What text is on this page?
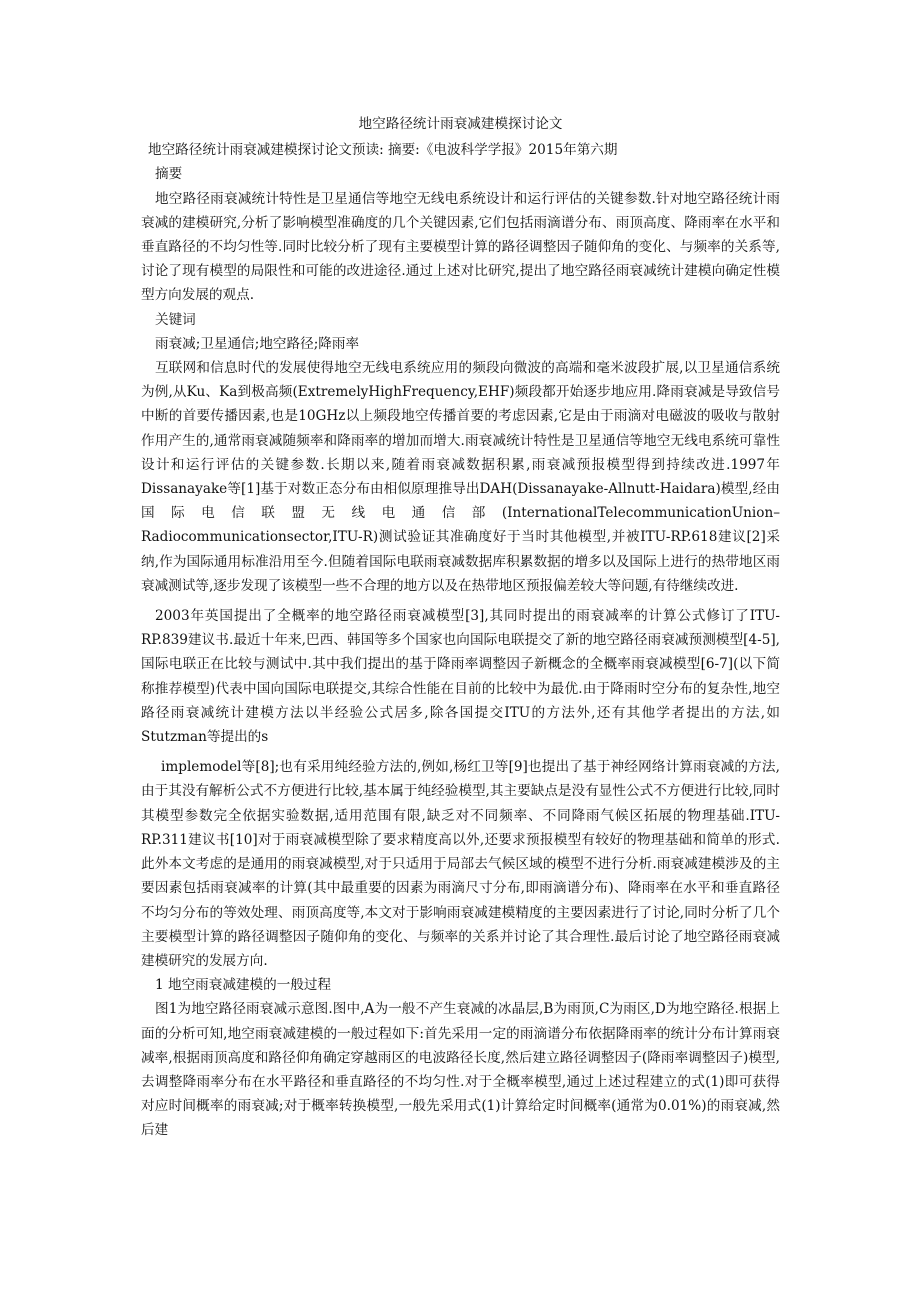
地空路径统计雨衰减建模探讨论文

地空路径统计雨衰减建模探讨论文预读: 摘要:《电波科学学报》2015年第六期

摘要

地空路径雨衰减统计特性是卫星通信等地空无线电系统设计和运行评估的关键参数.针对地空路径统计雨衰减的建模研究,分析了影响模型准确度的几个关键因素,它们包括雨滴谱分布、雨顶高度、降雨率在水平和垂直路径的不均匀性等.同时比较分析了现有主要模型计算的路径调整因子随仰角的变化、与频率的关系等,讨论了现有模型的局限性和可能的改进途径.通过上述对比研究,提出了地空路径雨衰减统计建模向确定性模型方向发展的观点.

关键词

雨衰减;卫星通信;地空路径;降雨率

互联网和信息时代的发展使得地空无线电系统应用的频段向微波的高端和毫米波段扩展,以卫星通信系统为例,从Ku、Ka到极高频(ExtremelyHighFrequency,EHF)频段都开始逐步地应用.降雨衰减是导致信号中断的首要传播因素,也是10GHz以上频段地空传播首要的考虑因素,它是由于雨滴对电磁波的吸收与散射作用产生的,通常雨衰减随频率和降雨率的增加而增大.雨衰减统计特性是卫星通信等地空无线电系统可靠性设计和运行评估的关键参数.长期以来,随着雨衰减数据积累,雨衰减预报模型得到持续改进.1997年Dissanayake等[1]基于对数正态分布由相似原理推导出DAH(Dissanayake-Allnutt-Haidara)模型,经由国际电信联盟无线电通信部(InternationalTelecommunicationUnion–Radiocommunicationsector,ITU-R)测试验证其准确度好于当时其他模型,并被ITU-RP.618建议[2]采纳,作为国际通用标准沿用至今.但随着国际电联雨衰减数据库积累数据的增多以及国际上进行的热带地区雨衰减测试等,逐步发现了该模型一些不合理的地方以及在热带地区预报偏差较大等问题,有待继续改进.

2003年英国提出了全概率的地空路径雨衰减模型[3],其同时提出的雨衰减率的计算公式修订了ITU-RP.839建议书.最近十年来,巴西、韩国等多个国家也向国际电联提交了新的地空路径雨衰减预测模型[4-5],国际电联正在比较与测试中.其中我们提出的基于降雨率调整因子新概念的全概率雨衰减模型[6-7](以下简称推荐模型)代表中国向国际电联提交,其综合性能在目前的比较中为最优.由于降雨时空分布的复杂性,地空路径雨衰减统计建模方法以半经验公式居多,除各国提交ITU的方法外,还有其他学者提出的方法,如Stutzman等提出的s

implemodel等[8];也有采用纯经验方法的,例如,杨红卫等[9]也提出了基于神经网络计算雨衰减的方法,由于其没有解析公式不方便进行比较,基本属于纯经验模型,其主要缺点是没有显性公式不方便进行比较,同时其模型参数完全依据实验数据,适用范围有限,缺乏对不同频率、不同降雨气候区拓展的物理基础.ITU-RP.311建议书[10]对于雨衰减模型除了要求精度高以外,还要求预报模型有较好的物理基础和简单的形式.此外本文考虑的是通用的雨衰减模型,对于只适用于局部去气候区域的模型不进行分析.雨衰减建模涉及的主要因素包括雨衰减率的计算(其中最重要的因素为雨滴尺寸分布,即雨滴谱分布)、降雨率在水平和垂直路径不均匀分布的等效处理、雨顶高度等,本文对于影响雨衰减建模精度的主要因素进行了讨论,同时分析了几个主要模型计算的路径调整因子随仰角的变化、与频率的关系并讨论了其合理性.最后讨论了地空路径雨衰减建模研究的发展方向.

1 地空雨衰减建模的一般过程

图1为地空路径雨衰减示意图.图中,A为一般不产生衰减的冰晶层,B为雨顶,C为雨区,D为地空路径.根据上面的分析可知,地空雨衰减建模的一般过程如下:首先采用一定的雨滴谱分布依据降雨率的统计分布计算雨衰减率,根据雨顶高度和路径仰角确定穿越雨区的电波路径长度,然后建立路径调整因子(降雨率调整因子)模型,去调整降雨率分布在水平路径和垂直路径的不均匀性.对于全概率模型,通过上述过程建立的式(1)即可获得对应时间概率的雨衰减;对于概率转换模型,一般先采用式(1)计算给定时间概率(通常为0.01%)的雨衰减,然后建
